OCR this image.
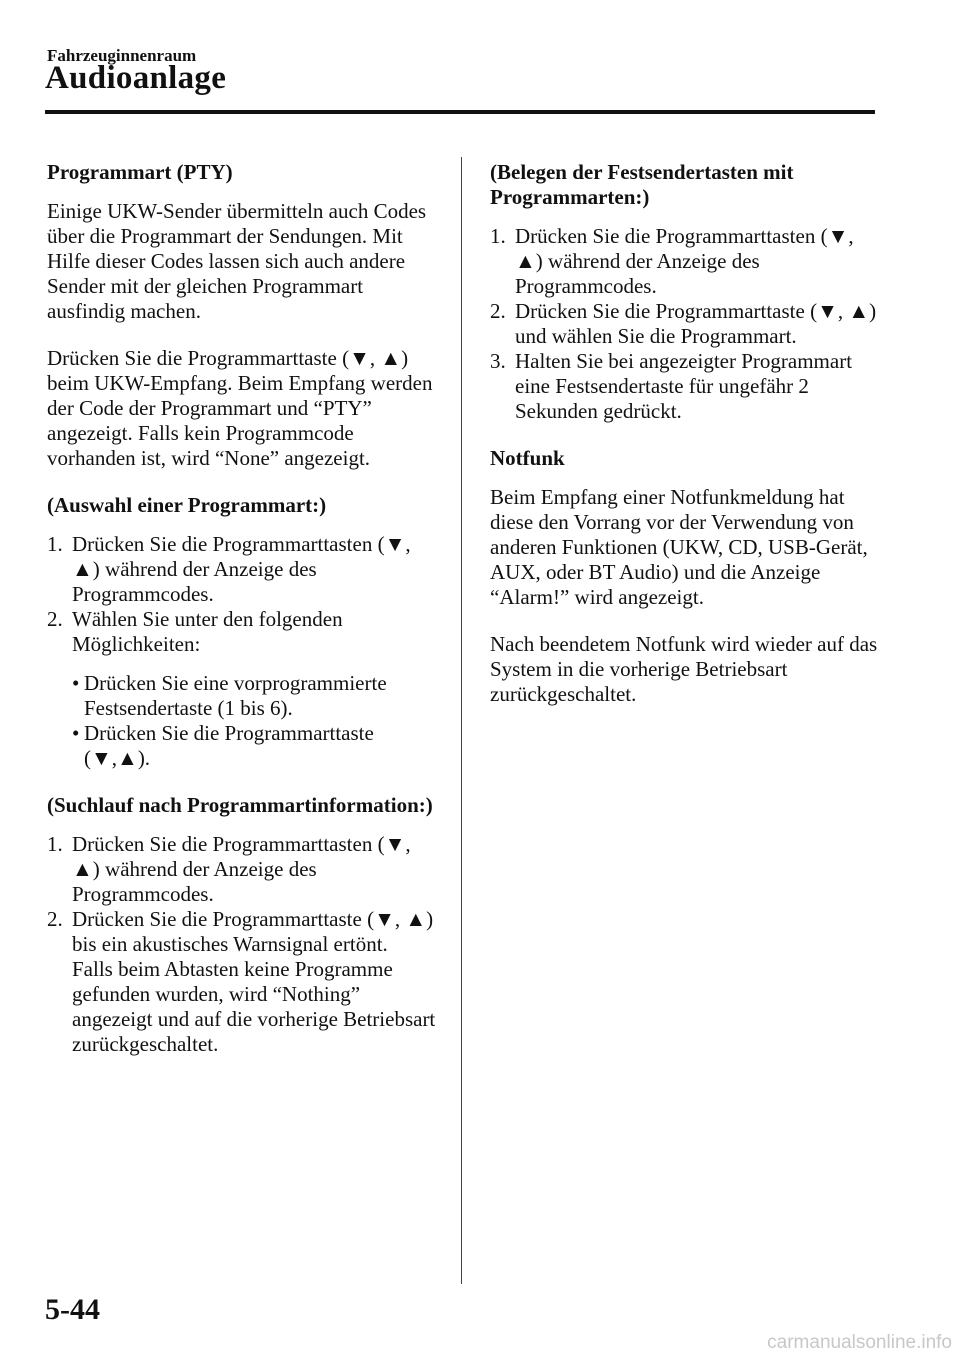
Fahrzeuginnenraum
Audioanlage

Programmart (PTY)

Einige UKW-Sender übermitteln auch Codes über die Programmart der Sendungen. Mit Hilfe dieser Codes lassen sich auch andere Sender mit der gleichen Programmart ausfindig machen.

Drücken Sie die Programmarttaste (▼, ▲) beim UKW-Empfang. Beim Empfang werden der Code der Programmart und “PTY” angezeigt. Falls kein Programmcode vorhanden ist, wird “None” angezeigt.

(Auswahl einer Programmart:)

1. Drücken Sie die Programmarttasten (▼, ▲) während der Anzeige des Programmcodes.
2. Wählen Sie unter den folgenden Möglichkeiten:
• Drücken Sie eine vorprogrammierte Festsendertaste (1 bis 6).
• Drücken Sie die Programmarttaste (▼,▲).

(Suchlauf nach Programmartinformation:)

1. Drücken Sie die Programmarttasten (▼, ▲) während der Anzeige des Programmcodes.
2. Drücken Sie die Programmarttaste (▼, ▲) bis ein akustisches Warnsignal ertönt.
Falls beim Abtasten keine Programme gefunden wurden, wird “Nothing” angezeigt und auf die vorherige Betriebsart zurückgeschaltet.

(Belegen der Festsendertasten mit Programmarten:)

1. Drücken Sie die Programmarttasten (▼, ▲) während der Anzeige des Programmcodes.
2. Drücken Sie die Programmarttaste (▼, ▲) und wählen Sie die Programmart.
3. Halten Sie bei angezeigter Programmart eine Festsendertaste für ungefähr 2 Sekunden gedrückt.

Notfunk

Beim Empfang einer Notfunkmeldung hat diese den Vorrang vor der Verwendung von anderen Funktionen (UKW, CD, USB-Gerät, AUX, oder BT Audio) und die Anzeige “Alarm!” wird angezeigt.

Nach beendetem Notfunk wird wieder auf das System in die vorherige Betriebsart zurückgeschaltet.

5-44
carmanualsonline.info
